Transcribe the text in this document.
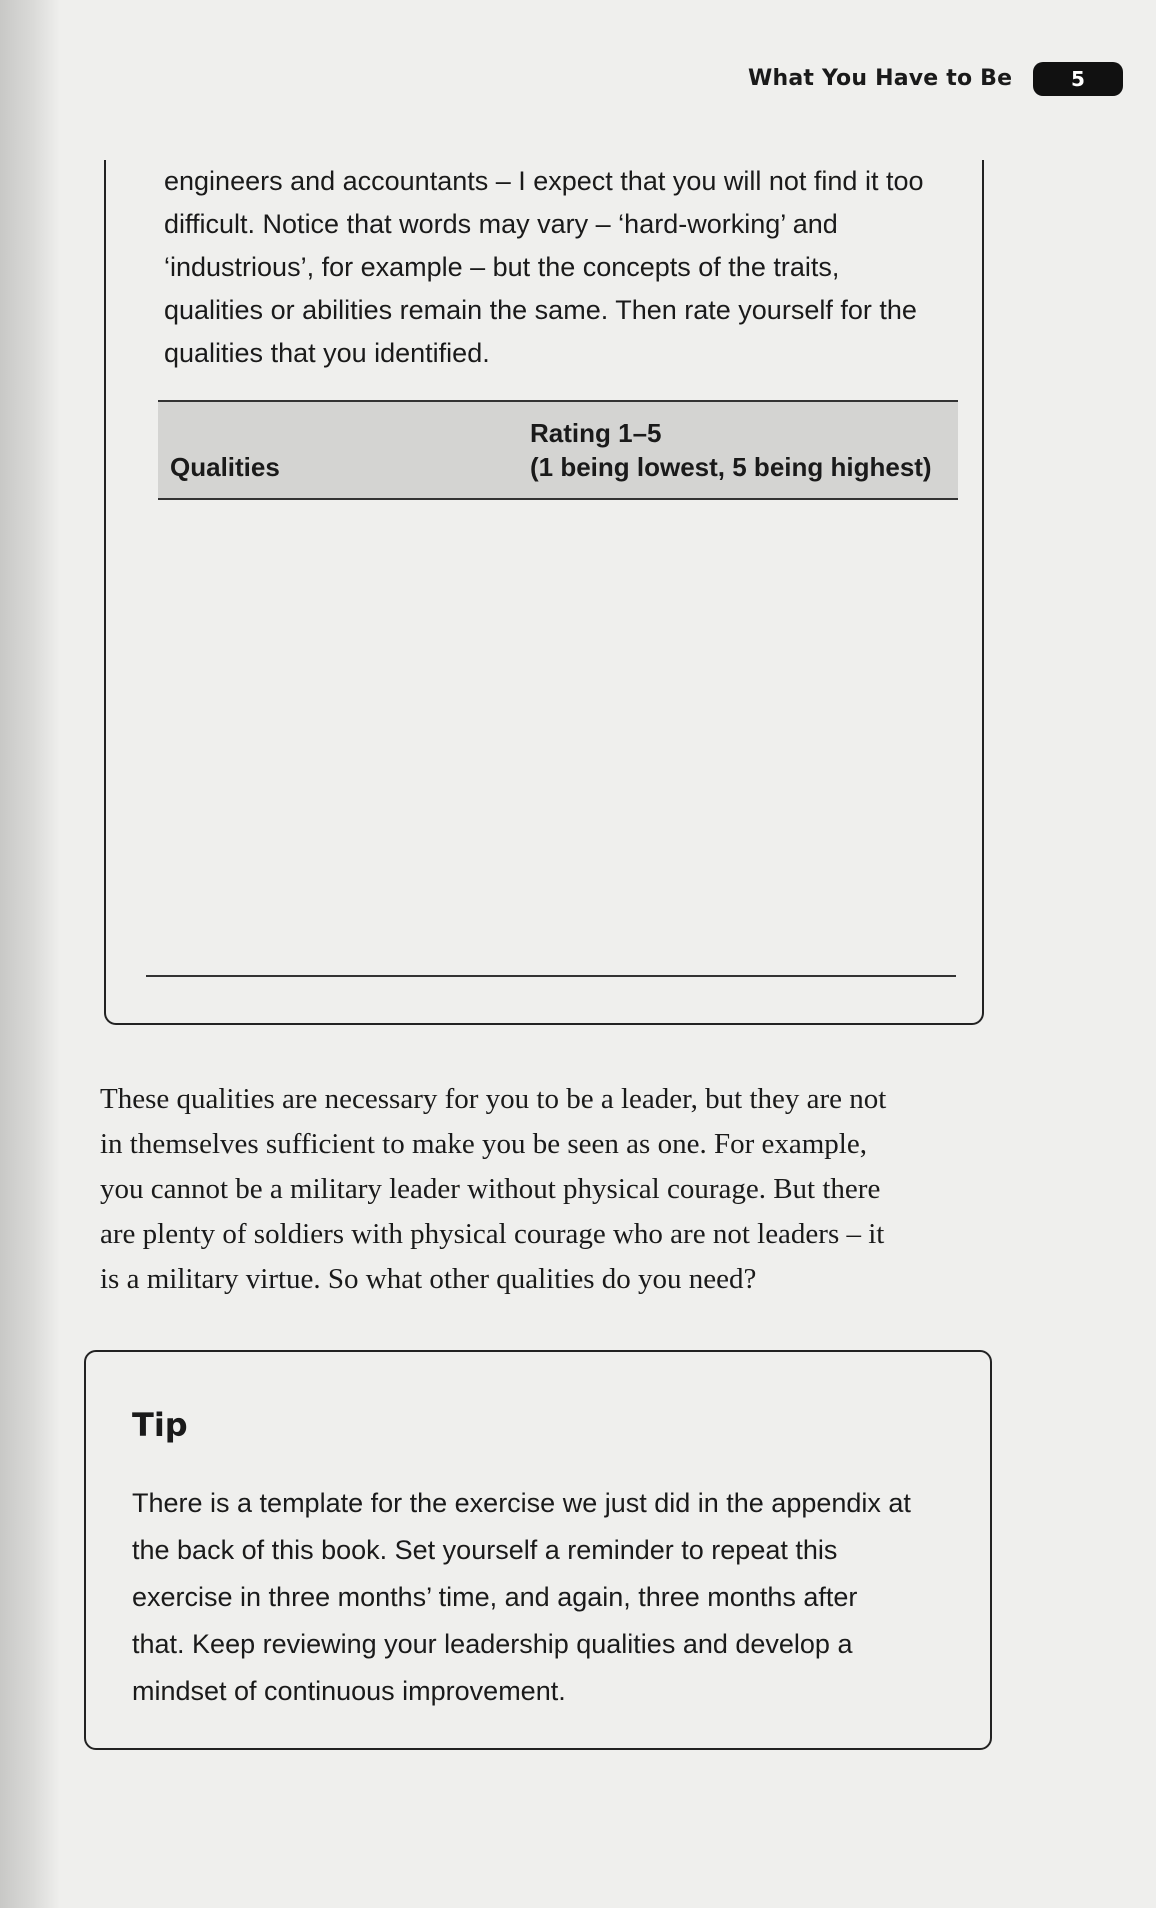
What You Have to Be	5
engineers and accountants – I expect that you will not find it too
difficult. Notice that words may vary – ‘hard-working’ and
‘industrious’, for example – but the concepts of the traits,
qualities or abilities remain the same. Then rate yourself for the
qualities that you identified.
Qualities
Rating 1–5
(1 being lowest, 5 being highest)
These qualities are necessary for you to be a leader, but they are not
in themselves sufficient to make you be seen as one. For example,
you cannot be a military leader without physical courage. But there
are plenty of soldiers with physical courage who are not leaders – it
is a military virtue. So what other qualities do you need?
Tip
There is a template for the exercise we just did in the appendix at
the back of this book. Set yourself a reminder to repeat this
exercise in three months’ time, and again, three months after
that. Keep reviewing your leadership qualities and develop a
mindset of continuous improvement.
